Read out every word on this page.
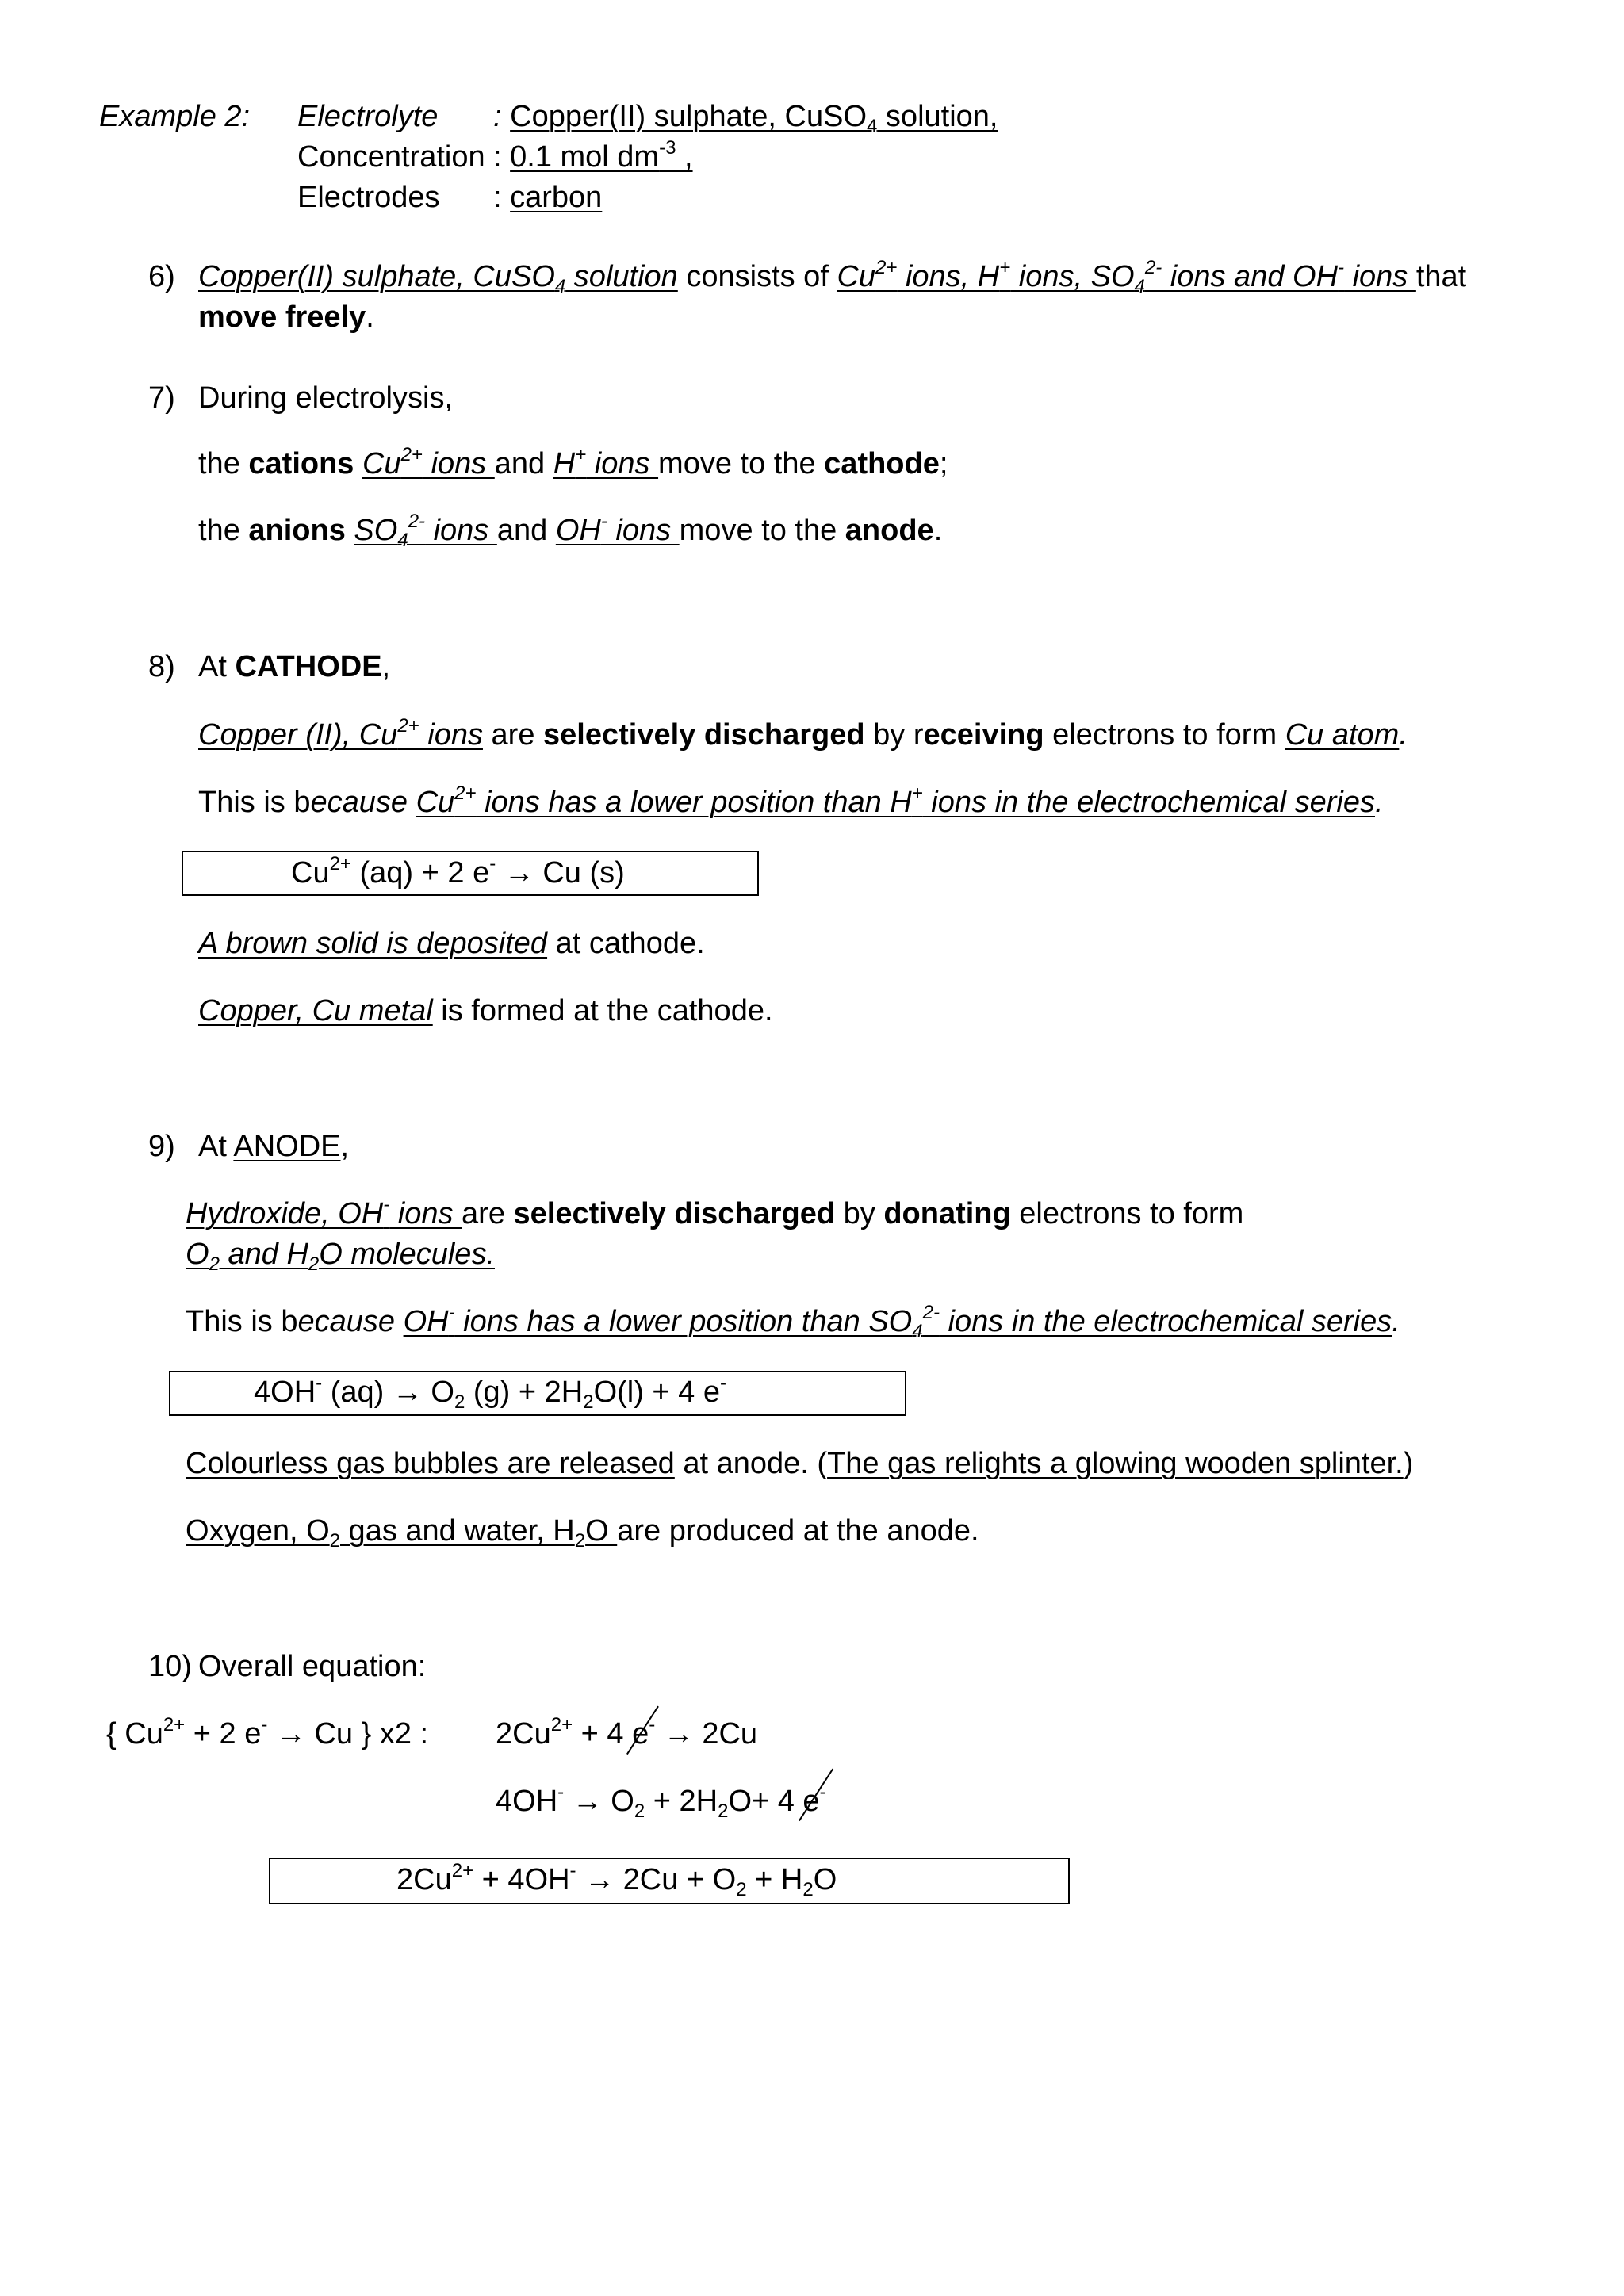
Example 2: Electrolyte : Copper(II) sulphate, CuSO$_4$ solution,
Concentration : 0.1 mol $dm^{-3}$ ,
Electrodes : carbon
6) Copper(II) sulphate, CuSO$_4$ solution consists of $Cu^{2+}$ ions, H+ ions, $SO_4^{2-}$ ions and OH- ions that
move freely.
7) During electrolysis,
the cations $Cu^{2+}$ ions and H+ ions move to the cathode;
the anions $SO_4^{2-}$ ions and OH- ions move to the anode.
8) At CATHODE,
Copper (II), $Cu^{2+}$ ions are selectively discharged by receiving electrons to form Cu atom.
This is because $Cu^{2+}$ ions has a lower position than H+ ions in the electrochemical series.
$Cu^{2+}$ (aq) + 2 e- → Cu (s)
A brown solid is deposited at cathode.
Copper, Cu metal is formed at the cathode.
9) At ANODE,
Hydroxide, OH- ions are selectively discharged by donating electrons to form
$O_2$ and $H_2O$ molecules.
This is because OH- ions has a lower position than $SO_4^{2-}$ ions in the electrochemical series.
4OH- $(aq) \to O_2$ $(g) + 2H_2O(l) + 4$ e-
Colourless gas bubbles are released at anode. (The gas relights a glowing wooden splinter.)
Oxygen, $O_2$ gas and water, $H_2O$ are produced at the anode.
10) Overall equation:
{ $Cu^{2+} + 2$ e- → Cu } x2 : $2Cu^{2+} + 4$ e- → 2Cu
$4OH^- \to O_2 + 2H_2O+ 4$ e-
$2Cu^{2+} + 4OH^- \to 2Cu + O_2 + H_2O$
